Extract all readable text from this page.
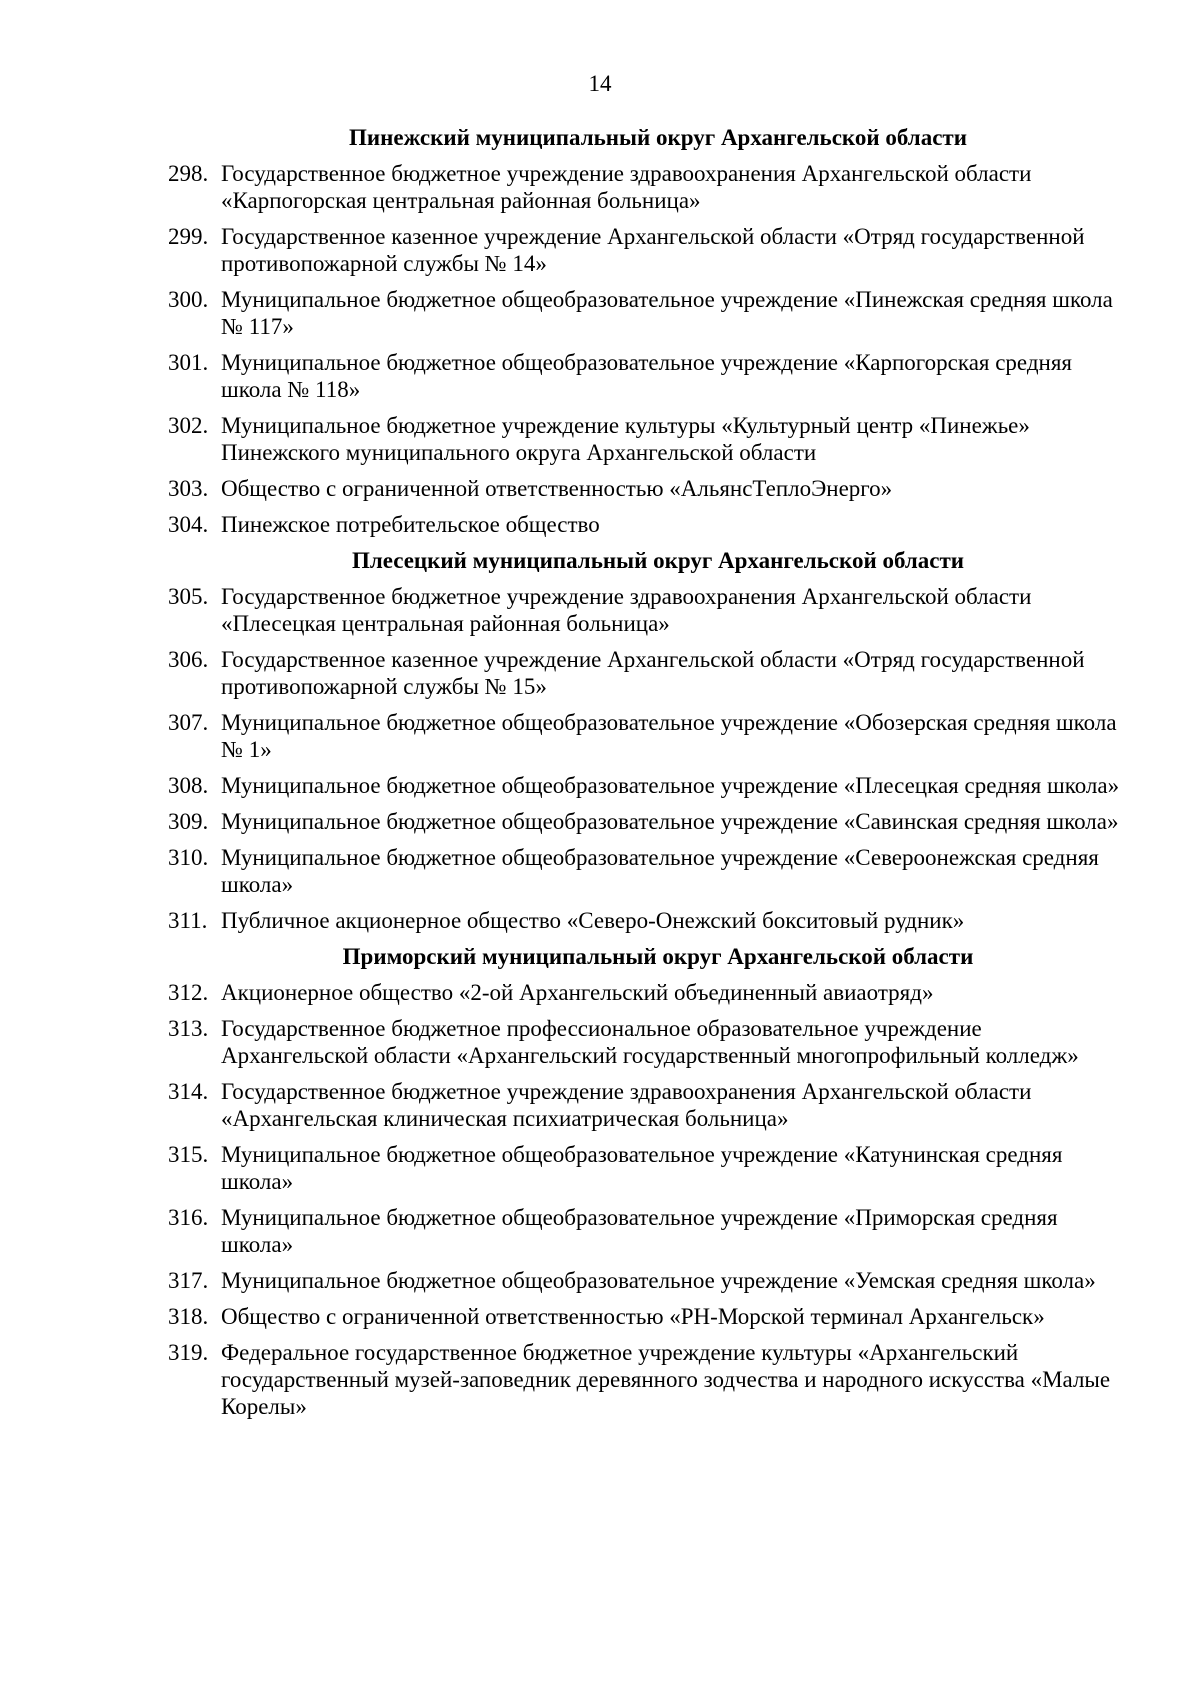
14
Пинежский муниципальный округ Архангельской области
298. Государственное бюджетное учреждение здравоохранения Архангельской области «Карпогорская центральная районная больница»
299. Государственное казенное учреждение Архангельской области «Отряд государственной противопожарной службы № 14»
300. Муниципальное бюджетное общеобразовательное учреждение «Пинежская средняя школа № 117»
301. Муниципальное бюджетное общеобразовательное учреждение «Карпогорская средняя школа № 118»
302. Муниципальное бюджетное учреждение культуры «Культурный центр «Пинежье» Пинежского муниципального округа Архангельской области
303. Общество с ограниченной ответственностью «АльянсТеплоЭнерго»
304. Пинежское потребительское общество
Плесецкий муниципальный округ Архангельской области
305. Государственное бюджетное учреждение здравоохранения Архангельской области «Плесецкая центральная районная больница»
306. Государственное казенное учреждение Архангельской области «Отряд государственной противопожарной службы № 15»
307. Муниципальное бюджетное общеобразовательное учреждение «Обозерская средняя школа № 1»
308. Муниципальное бюджетное общеобразовательное учреждение «Плесецкая средняя школа»
309. Муниципальное бюджетное общеобразовательное учреждение «Савинская средняя школа»
310. Муниципальное бюджетное общеобразовательное учреждение «Североонежская средняя школа»
311. Публичное акционерное общество «Северо-Онежский бокситовый рудник»
Приморский муниципальный округ Архангельской области
312. Акционерное общество «2-ой Архангельский объединенный авиаотряд»
313. Государственное бюджетное профессиональное образовательное учреждение Архангельской области «Архангельский государственный многопрофильный колледж»
314. Государственное бюджетное учреждение здравоохранения Архангельской области «Архангельская клиническая психиатрическая больница»
315. Муниципальное бюджетное общеобразовательное учреждение «Катунинская средняя школа»
316. Муниципальное бюджетное общеобразовательное учреждение «Приморская средняя школа»
317. Муниципальное бюджетное общеобразовательное учреждение «Уемская средняя школа»
318. Общество с ограниченной ответственностью «РН-Морской терминал Архангельск»
319. Федеральное государственное бюджетное учреждение культуры «Архангельский государственный музей-заповедник деревянного зодчества и народного искусства «Малые Корелы»
